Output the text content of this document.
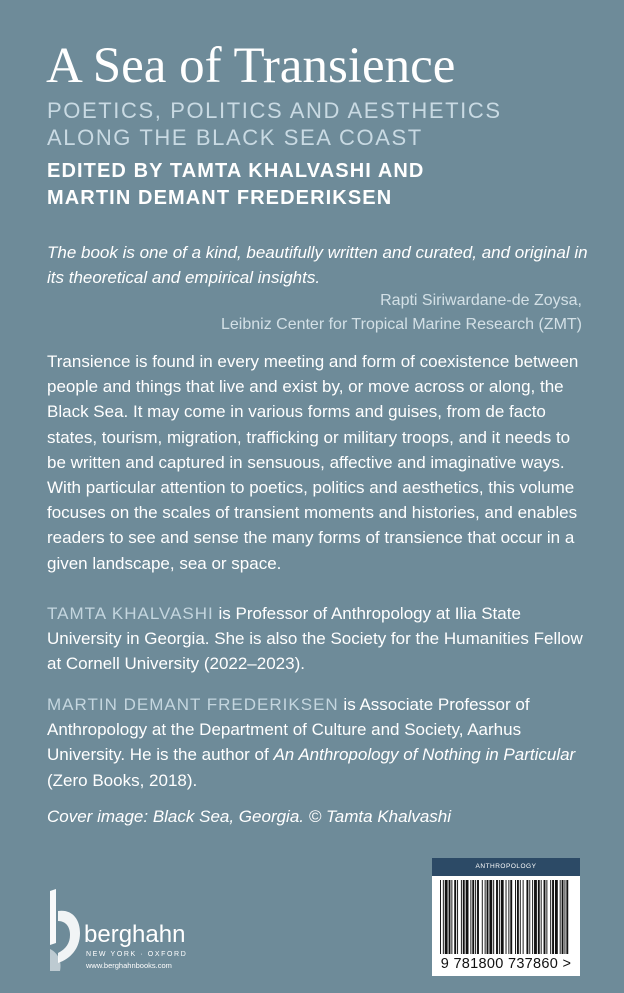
A Sea of Transience
POETICS, POLITICS AND AESTHETICS
ALONG THE BLACK SEA COAST
EDITED BY TAMTA KHALVASHI AND
MARTIN DEMANT FREDERIKSEN
The book is one of a kind, beautifully written and curated, and original in its theoretical and empirical insights.
Rapti Siriwardane-de Zoysa,
Leibniz Center for Tropical Marine Research (ZMT)
Transience is found in every meeting and form of coexistence between people and things that live and exist by, or move across or along, the Black Sea. It may come in various forms and guises, from de facto states, tourism, migration, trafficking or military troops, and it needs to be written and captured in sensuous, affective and imaginative ways. With particular attention to poetics, politics and aesthetics, this volume focuses on the scales of transient moments and histories, and enables readers to see and sense the many forms of transience that occur in a given landscape, sea or space.
TAMTA KHALVASHI is Professor of Anthropology at Ilia State University in Georgia. She is also the Society for the Humanities Fellow at Cornell University (2022–2023).
MARTIN DEMANT FREDERIKSEN is Associate Professor of Anthropology at the Department of Culture and Society, Aarhus University. He is the author of An Anthropology of Nothing in Particular (Zero Books, 2018).
Cover image: Black Sea, Georgia. © Tamta Khalvashi
berghahn
NEW YORK · OXFORD
www.berghahnbooks.com
ANTHROPOLOGY
9 781800 737860 >
